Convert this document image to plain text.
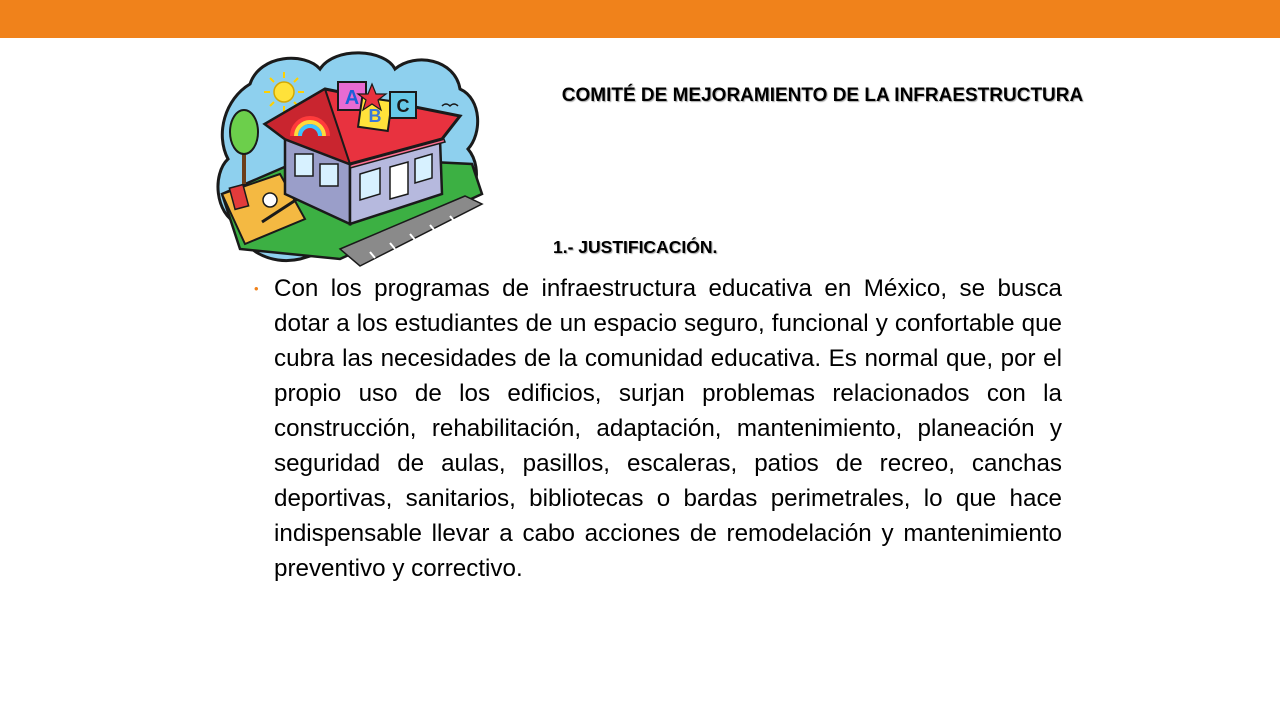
A
B C	COMITÉ DE MEJORAMIENTO DE LA INFRAESTRUCTURA
1.- JUSTIFICACIÓN.
• Con los programas de infraestructura educativa en México, se busca dotar a los estudiantes de un espacio seguro, funcional y confortable que cubra las necesidades de la comunidad educativa. Es normal que, por el propio uso de los edificios, surjan problemas relacionados con la construcción, rehabilitación, adaptación, mantenimiento, planeación y seguridad de aulas, pasillos, escaleras, patios de recreo, canchas deportivas, sanitarios, bibliotecas o bardas perimetrales, lo que hace indispensable llevar a cabo acciones de remodelación y mantenimiento preventivo y correctivo.
